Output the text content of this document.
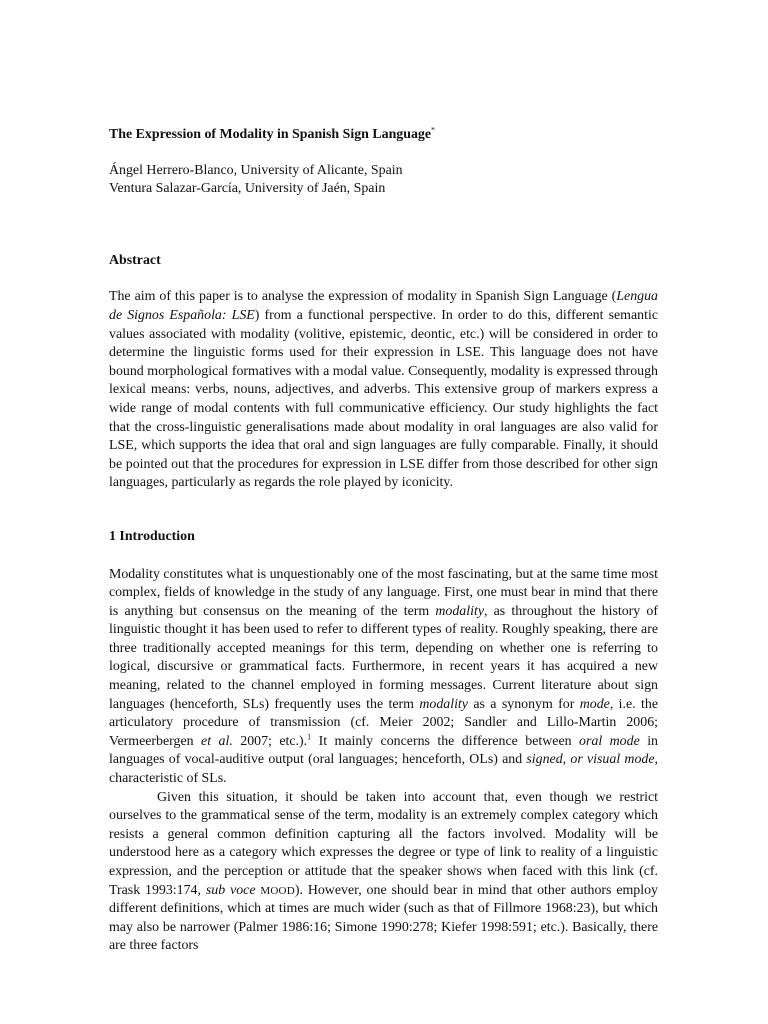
The Expression of Modality in Spanish Sign Language*

Ángel Herrero-Blanco, University of Alicante, Spain
Ventura Salazar-García, University of Jaén, Spain

Abstract

The aim of this paper is to analyse the expression of modality in Spanish Sign Language (Lengua de Signos Española: LSE) from a functional perspective. In order to do this, different semantic values associated with modality (volitive, epistemic, deontic, etc.) will be considered in order to determine the linguistic forms used for their expression in LSE. This language does not have bound morphological formatives with a modal value. Consequently, modality is expressed through lexical means: verbs, nouns, adjectives, and adverbs. This extensive group of markers express a wide range of modal contents with full communicative efficiency. Our study highlights the fact that the cross-linguistic generalisations made about modality in oral languages are also valid for LSE, which supports the idea that oral and sign languages are fully comparable. Finally, it should be pointed out that the procedures for expression in LSE differ from those described for other sign languages, particularly as regards the role played by iconicity.

1 Introduction

Modality constitutes what is unquestionably one of the most fascinating, but at the same time most complex, fields of knowledge in the study of any language. First, one must bear in mind that there is anything but consensus on the meaning of the term modality, as throughout the history of linguistic thought it has been used to refer to different types of reality. Roughly speaking, there are three traditionally accepted meanings for this term, depending on whether one is referring to logical, discursive or grammatical facts. Furthermore, in recent years it has acquired a new meaning, related to the channel employed in forming messages. Current literature about sign languages (henceforth, SLs) frequently uses the term modality as a synonym for mode, i.e. the articulatory procedure of transmission (cf. Meier 2002; Sandler and Lillo-Martin 2006; Vermeerbergen et al. 2007; etc.).$^1$ It mainly concerns the difference between oral mode in languages of vocal-auditive output (oral languages; henceforth, OLs) and signed, or visual mode, characteristic of SLs.

Given this situation, it should be taken into account that, even though we restrict ourselves to the grammatical sense of the term, modality is an extremely complex category which resists a general common definition capturing all the factors involved. Modality will be understood here as a category which expresses the degree or type of link to reality of a linguistic expression, and the perception or attitude that the speaker shows when faced with this link (cf. Trask 1993:174, sub voce MOOD). However, one should bear in mind that other authors employ different definitions, which at times are much wider (such as that of Fillmore 1968:23), but which may also be narrower (Palmer 1986:16; Simone 1990:278; Kiefer 1998:591; etc.). Basically, there are three factors
